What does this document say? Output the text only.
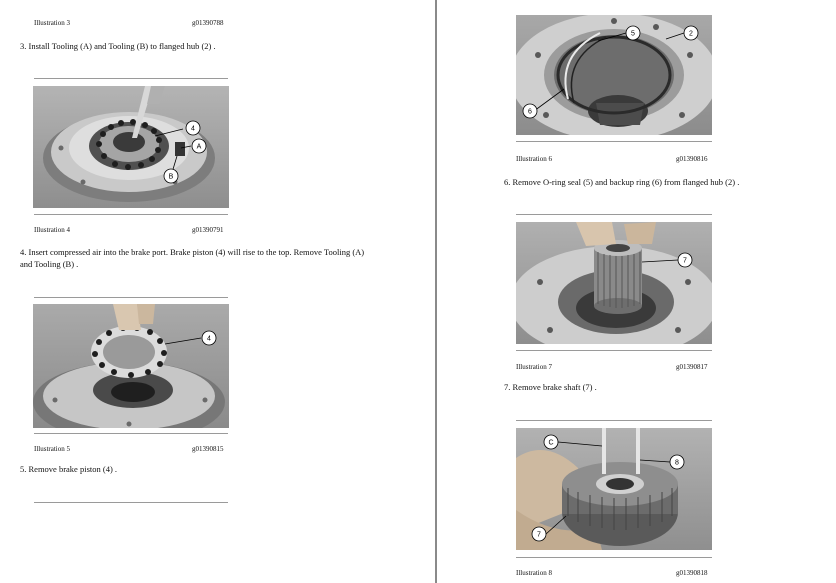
Illustration 3	g01390788
3. Install Tooling (A) and Tooling (B) to flanged hub (2) .
4
A
B
Illustration 4	g01390791
4. Insert compressed air into the brake port. Brake piston (4) will rise to the top. Remove Tooling (A) and Tooling (B) .
4
Illustration 5	g01390815
5. Remove brake piston (4) .
5	2
6
Illustration 6	g01390816
6. Remove O-ring seal (5) and backup ring (6) from flanged hub (2) .
7
Illustration 7	g01390817
7. Remove brake shaft (7) .
C
8
7
Illustration 8	g01390818
